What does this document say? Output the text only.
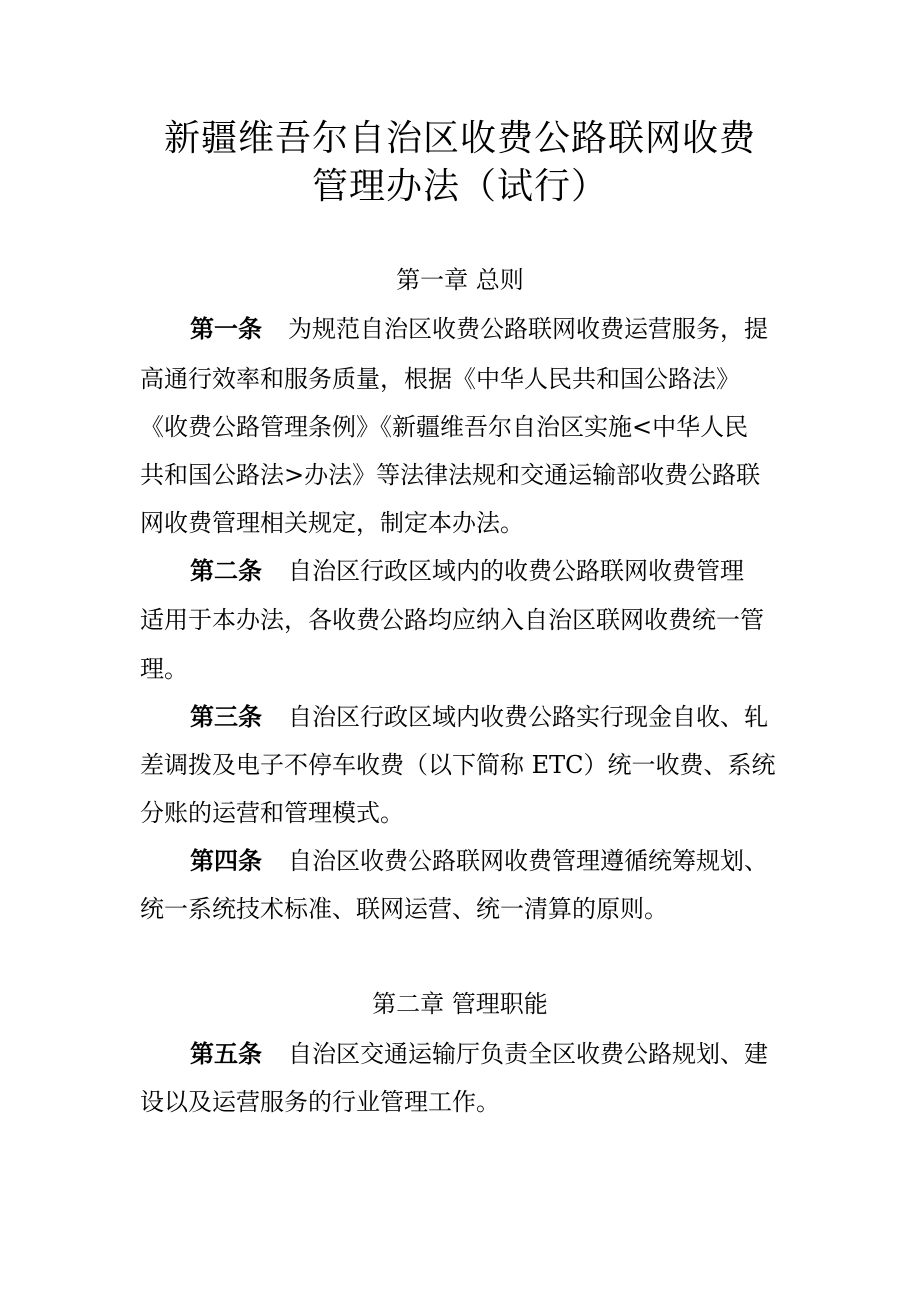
新疆维吾尔自治区收费公路联网收费
管理办法（试行）
第一章 总则
第一条 为规范自治区收费公路联网收费运营服务，提
高通行效率和服务质量，根据《中华人民共和国公路法》
《收费公路管理条例》《新疆维吾尔自治区实施<中华人民
共和国公路法>办法》等法律法规和交通运输部收费公路联
网收费管理相关规定，制定本办法。
第二条 自治区行政区域内的收费公路联网收费管理
适用于本办法，各收费公路均应纳入自治区联网收费统一管
理。
第三条 自治区行政区域内收费公路实行现金自收、轧
差调拨及电子不停车收费（以下简称 ETC）统一收费、系统
分账的运营和管理模式。
第四条 自治区收费公路联网收费管理遵循统筹规划、
统一系统技术标准、联网运营、统一清算的原则。
第二章 管理职能
第五条 自治区交通运输厅负责全区收费公路规划、建
设以及运营服务的行业管理工作。
